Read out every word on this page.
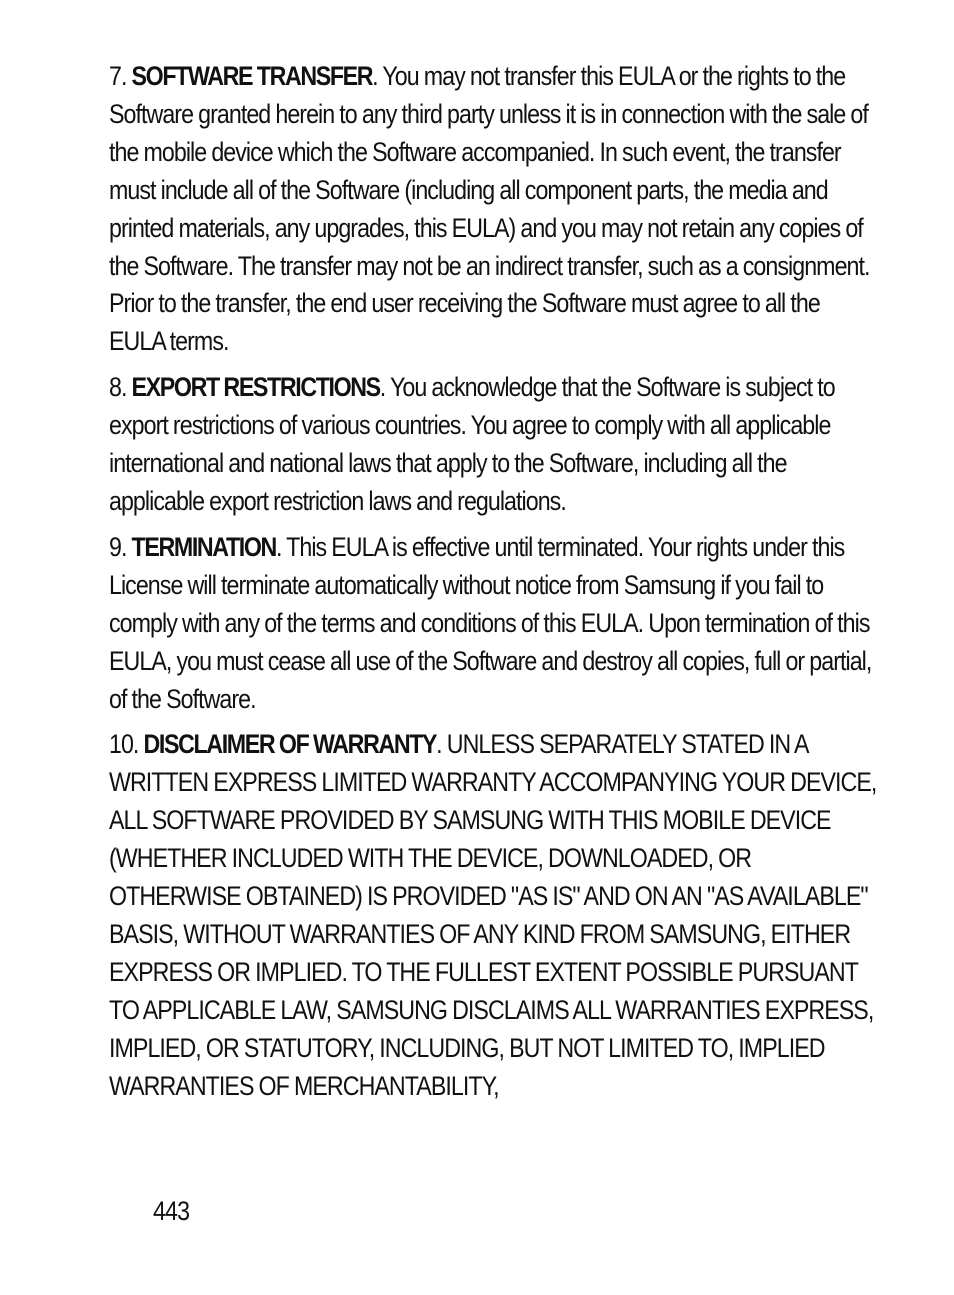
7. SOFTWARE TRANSFER. You may not transfer this EULA or the rights to the Software granted herein to any third party unless it is in connection with the sale of the mobile device which the Software accompanied. In such event, the transfer must include all of the Software (including all component parts, the media and printed materials, any upgrades, this EULA) and you may not retain any copies of the Software. The transfer may not be an indirect transfer, such as a consignment. Prior to the transfer, the end user receiving the Software must agree to all the EULA terms.

8. EXPORT RESTRICTIONS. You acknowledge that the Software is subject to export restrictions of various countries. You agree to comply with all applicable international and national laws that apply to the Software, including all the applicable export restriction laws and regulations.

9. TERMINATION. This EULA is effective until terminated. Your rights under this License will terminate automatically without notice from Samsung if you fail to comply with any of the terms and conditions of this EULA. Upon termination of this EULA, you must cease all use of the Software and destroy all copies, full or partial, of the Software.

10. DISCLAIMER OF WARRANTY. UNLESS SEPARATELY STATED IN A WRITTEN EXPRESS LIMITED WARRANTY ACCOMPANYING YOUR DEVICE, ALL SOFTWARE PROVIDED BY SAMSUNG WITH THIS MOBILE DEVICE (WHETHER INCLUDED WITH THE DEVICE, DOWNLOADED, OR OTHERWISE OBTAINED) IS PROVIDED "AS IS" AND ON AN "AS AVAILABLE" BASIS, WITHOUT WARRANTIES OF ANY KIND FROM SAMSUNG, EITHER EXPRESS OR IMPLIED. TO THE FULLEST EXTENT POSSIBLE PURSUANT TO APPLICABLE LAW, SAMSUNG DISCLAIMS ALL WARRANTIES EXPRESS, IMPLIED, OR STATUTORY, INCLUDING, BUT NOT LIMITED TO, IMPLIED WARRANTIES OF MERCHANTABILITY,

443
